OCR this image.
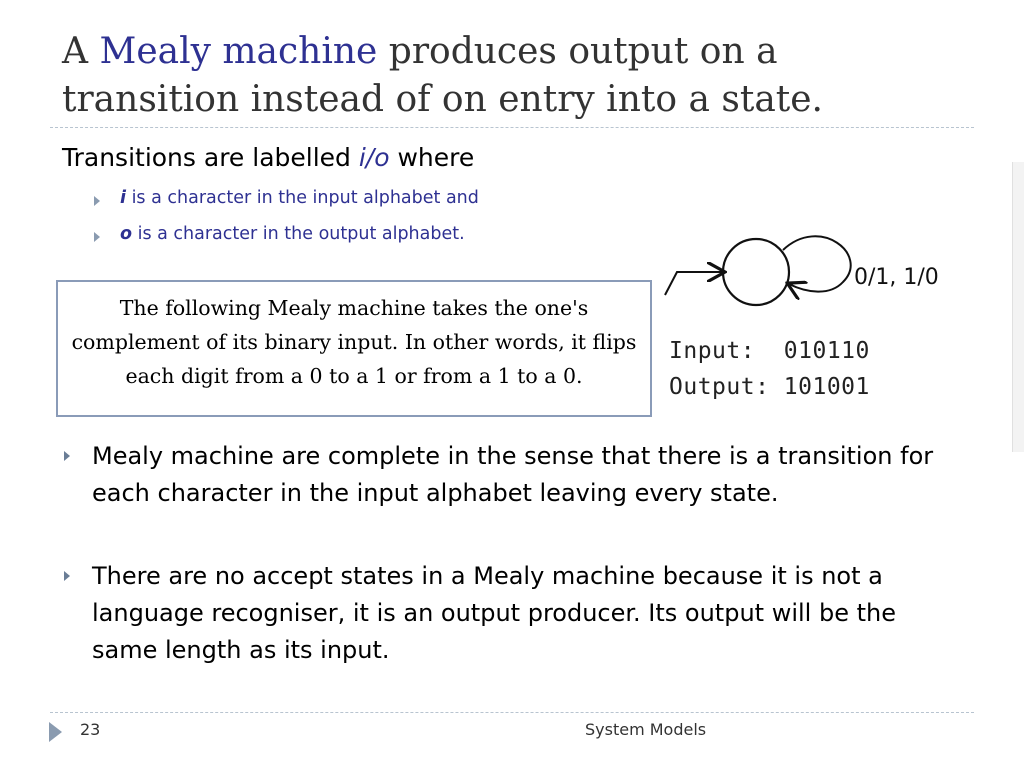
A Mealy machine produces output on a transition instead of on entry into a state.
Transitions are labelled i/o where
i is a character in the input alphabet and
o is a character in the output alphabet.
0/1, 1/0
Input: 010110
Output: 101001
The following Mealy machine takes the one's complement of its binary input. In other words, it flips each digit from a 0 to a 1 or from a 1 to a 0.
Mealy machine are complete in the sense that there is a transition for each character in the input alphabet leaving every state.
There are no accept states in a Mealy machine because it is not a language recogniser, it is an output producer. Its output will be the same length as its input.
23	System Models
